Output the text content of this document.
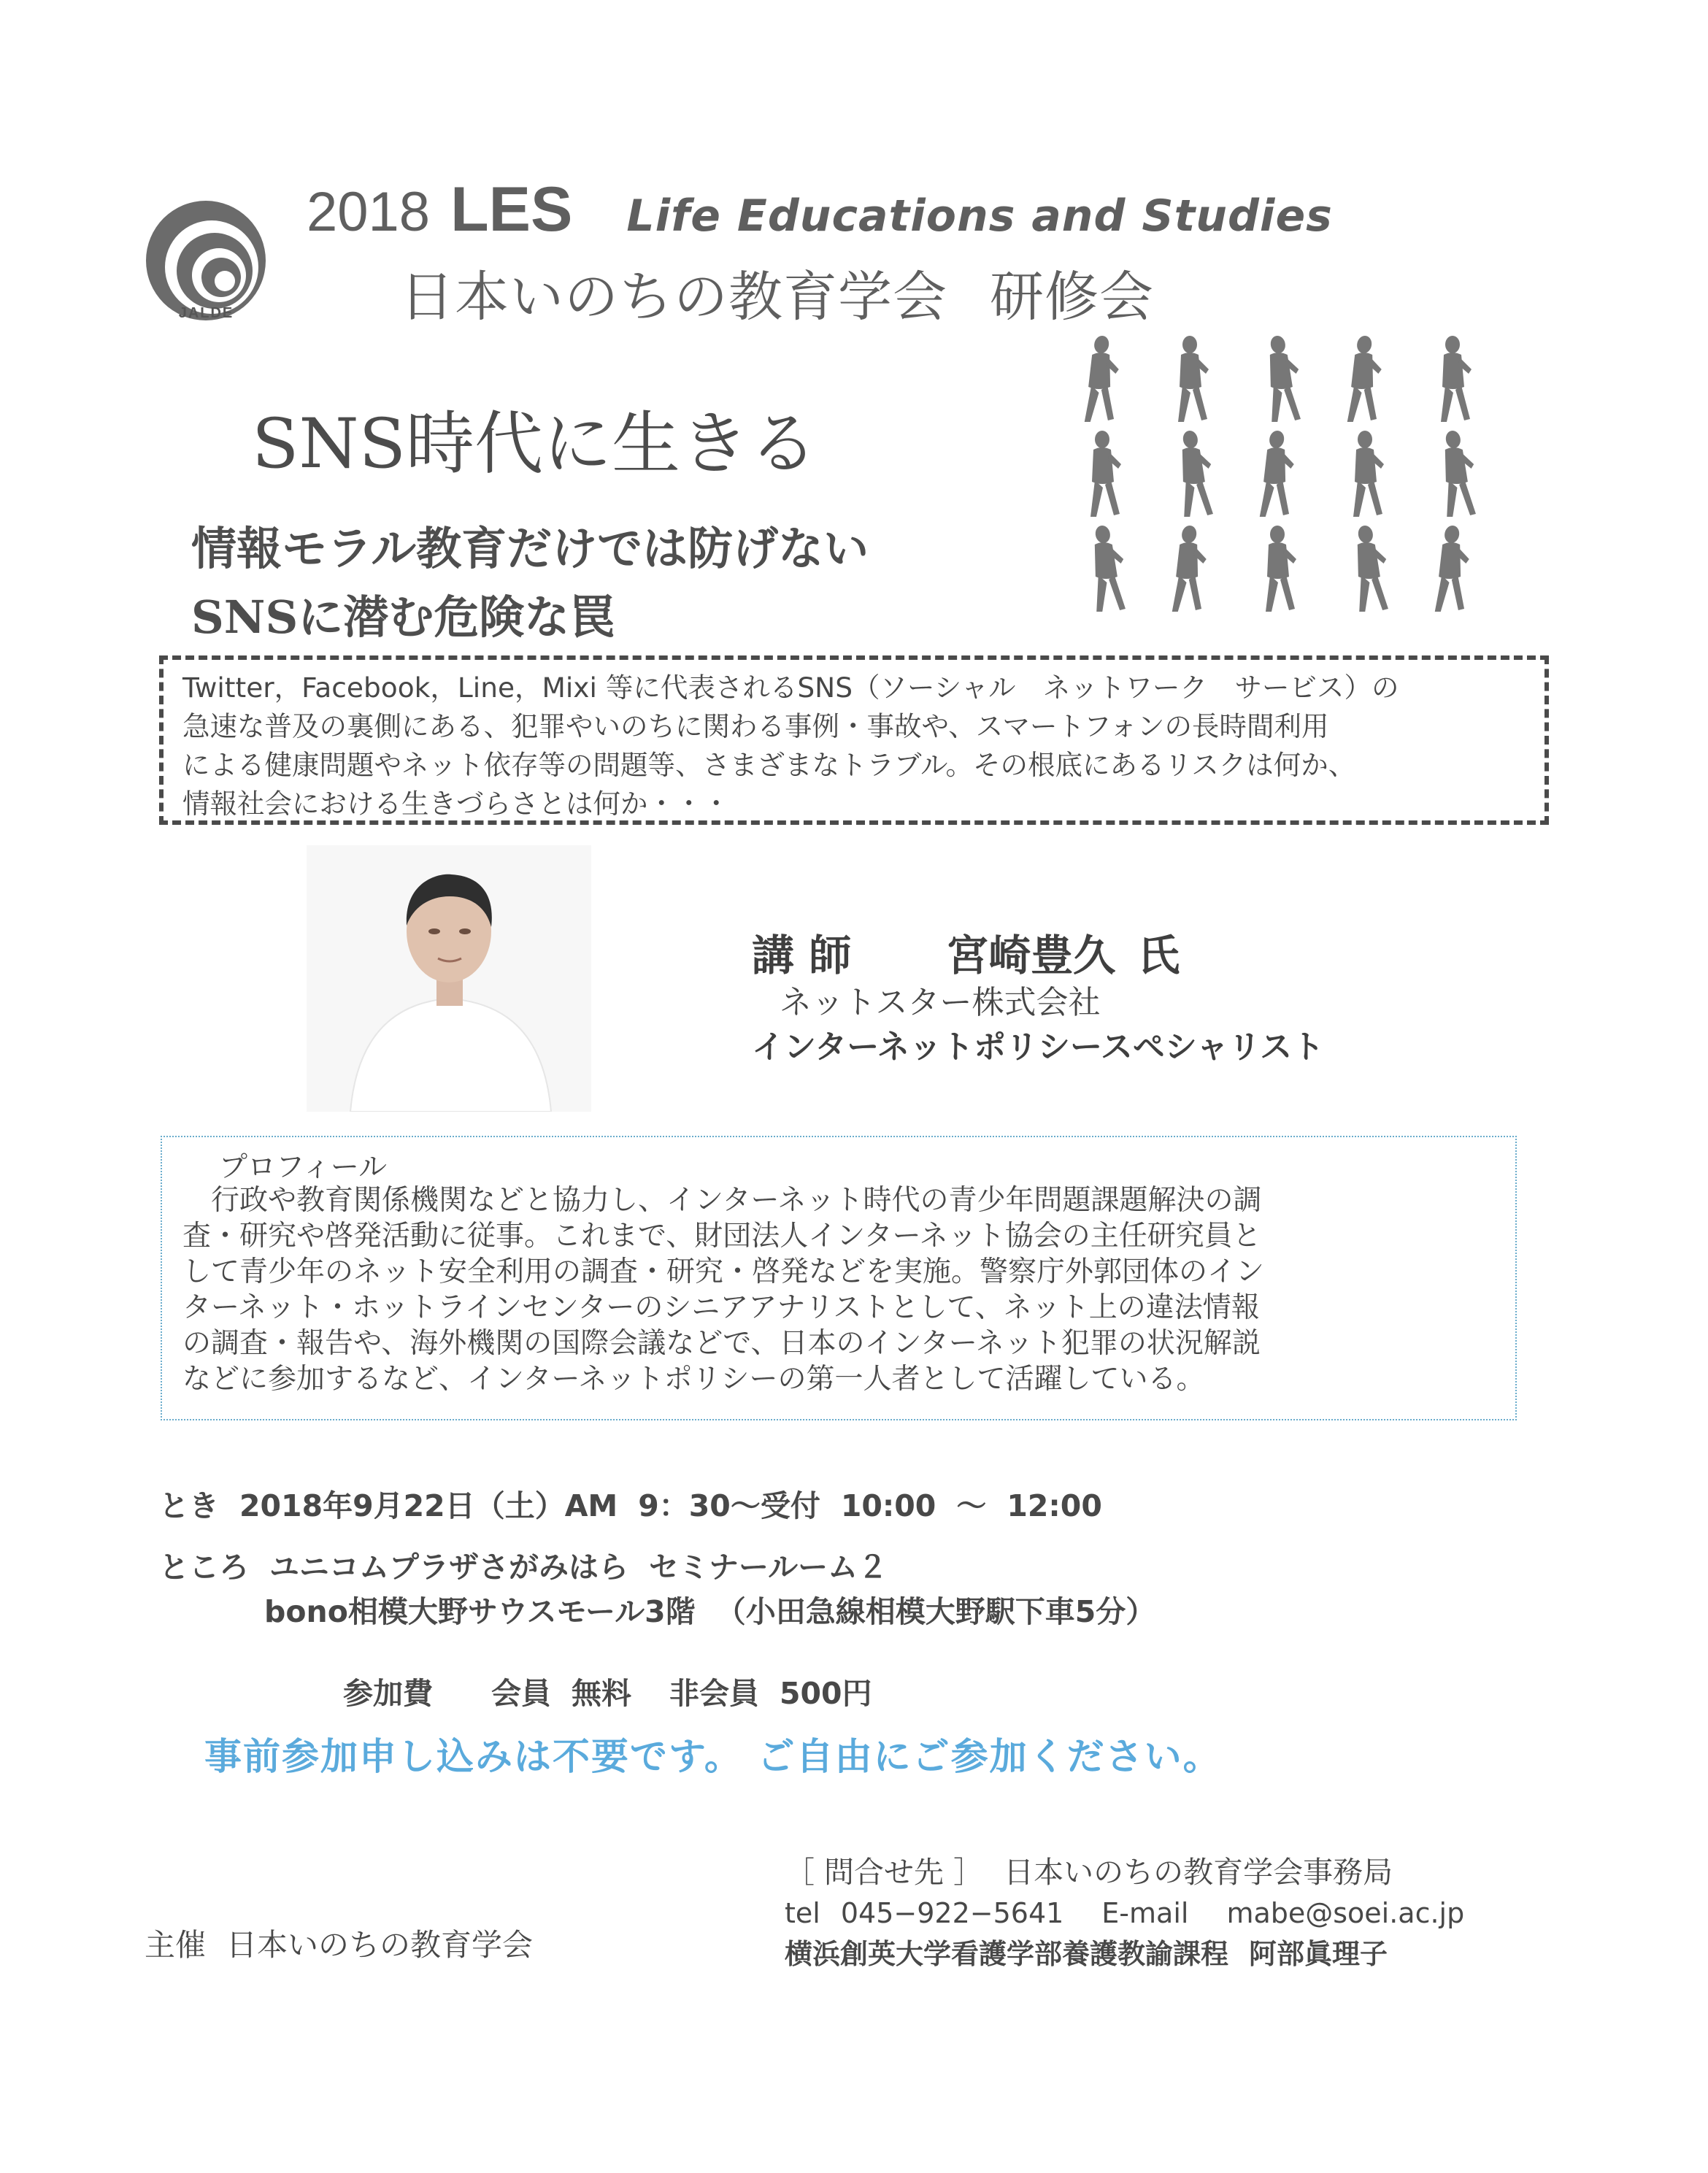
JALDE
2018 LES Life Educations and Studies
日本いのちの教育学会 研修会
SNS時代に生きる
情報モラル教育だけでは防げない
SNSに潜む危険な罠
Twitter，Facebook，Line，Mixi 等に代表されるSNS（ソーシャル　ネットワーク　サービス）の
急速な普及の裏側にある、犯罪やいのちに関わる事例・事故や、スマートフォンの長時間利用
による健康問題やネット依存等の問題等、さまざまなトラブル。その根底にあるリスクは何か、
情報社会における生きづらさとは何か・・・
講 師 宮崎豊久 氏
ネットスター株式会社
インターネットポリシースペシャリスト
プロフィール
　行政や教育関係機関などと協力し、インターネット時代の青少年問題課題解決の調
査・研究や啓発活動に従事。これまで、財団法人インターネット協会の主任研究員と
して青少年のネット安全利用の調査・研究・啓発などを実施。警察庁外郭団体のイン
ターネット・ホットラインセンターのシニアアナリストとして、ネット上の違法情報
の調査・報告や、海外機関の国際会議などで、日本のインターネット犯罪の状況解説
などに参加するなど、インターネットポリシーの第一人者として活躍している。
とき 2018年9月22日（土）AM 9：30～受付 10:00 ～ 12:00
ところ ユニコムプラザさがみはら セミナールーム２
bono相模大野サウスモール3階 （小田急線相模大野駅下車5分）
参加費 会員 無料 非会員 500円
事前参加申し込みは不要です。 ご自由にご参加ください。
主催 日本いのちの教育学会
［ 問合せ先 ］ 日本いのちの教育学会事務局
tel 045−922−5641 E-mail mabe@soei.ac.jp
横浜創英大学看護学部養護教諭課程 阿部眞理子
